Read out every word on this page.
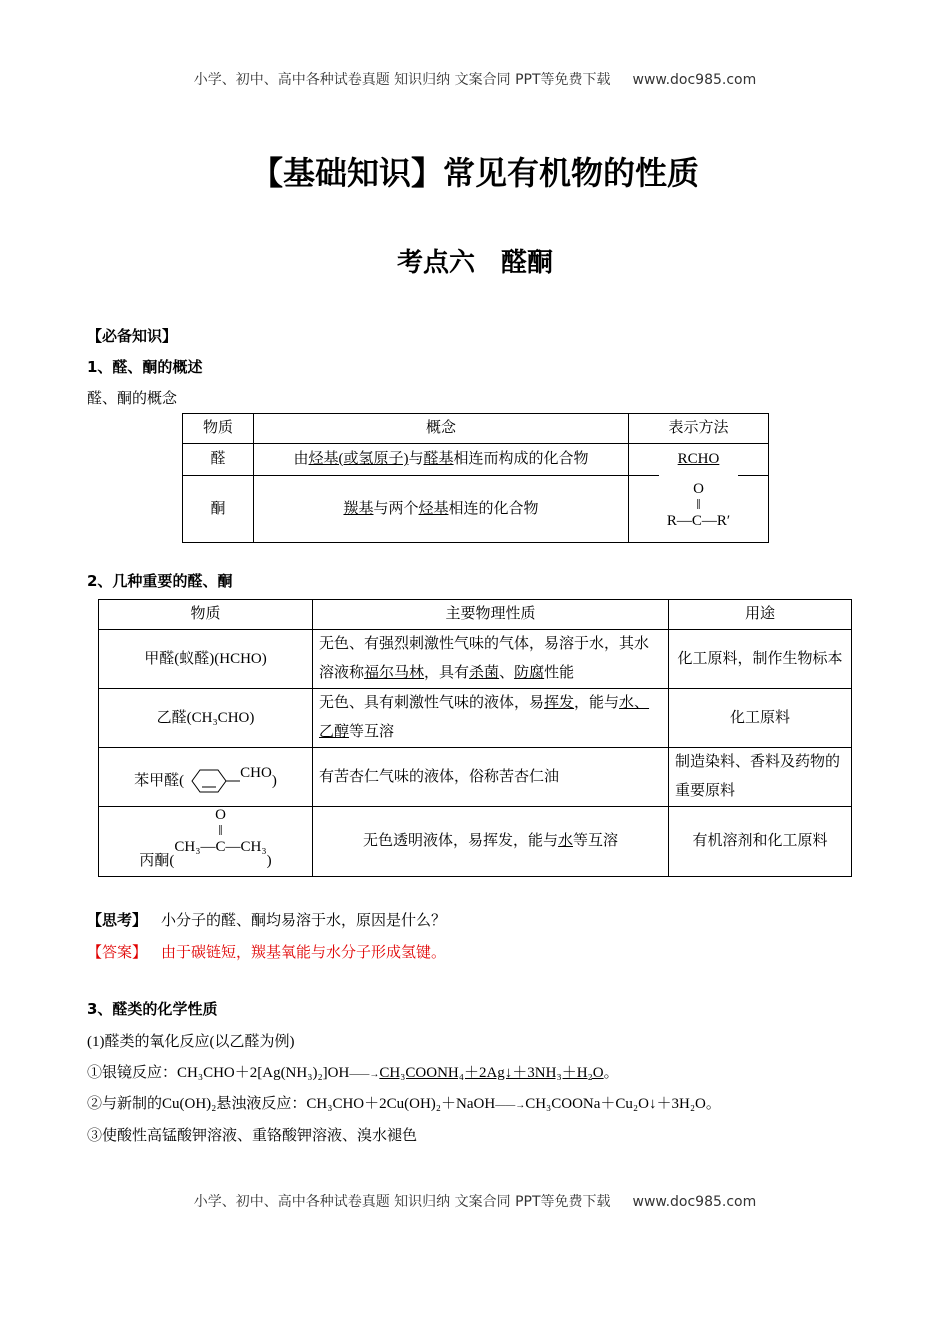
小学、初中、高中各种试卷真题 知识归纳 文案合同 PPT等免费下载 www.doc985.com
【基础知识】常见有机物的性质
考点六　醛酮
【必备知识】
1、醛、酮的概述
醛、酮的概念
物质	概念	表示方法
醛	由烃基(或氢原子)与醛基相连而构成的化合物	RCHO
酮	羰基与两个烃基相连的化合物	O
‖
R—C—R′
2、几种重要的醛、酮
物质	主要物理性质	用途
甲醛(蚁醛)(HCHO)	无色、有强烈刺激性气味的气体，易溶于水，其水溶液称福尔马林，具有杀菌、防腐性能	化工原料，制作生物标本
乙醛(CH₃CHO)	无色、具有刺激性气味的液体，易挥发，能与水、乙醇等互溶	化工原料
苯甲醛( CHO)	有苦杏仁气味的液体，俗称苦杏仁油	制造染料、香料及药物的重要原料
丙酮(O
‖
CH₃—C—CH₃)	无色透明液体，易挥发，能与水等互溶	有机溶剂和化工原料
【思考】 小分子的醛、酮均易溶于水，原因是什么？
【答案】 由于碳链短，羰基氧能与水分子形成氢键。
3、醛类的化学性质
(1)醛类的氧化反应(以乙醛为例)
①银镜反应：CH₃CHO＋2[Ag(NH₃)₂]OH——→CH₃COONH₄＋2Ag↓＋3NH₃＋H₂O。
②与新制的Cu(OH)₂悬浊液反应：CH₃CHO＋2Cu(OH)₂＋NaOH——→CH₃COONa＋Cu₂O↓＋3H₂O。
③使酸性高锰酸钾溶液、重铬酸钾溶液、溴水褪色
小学、初中、高中各种试卷真题 知识归纳 文案合同 PPT等免费下载 www.doc985.com
